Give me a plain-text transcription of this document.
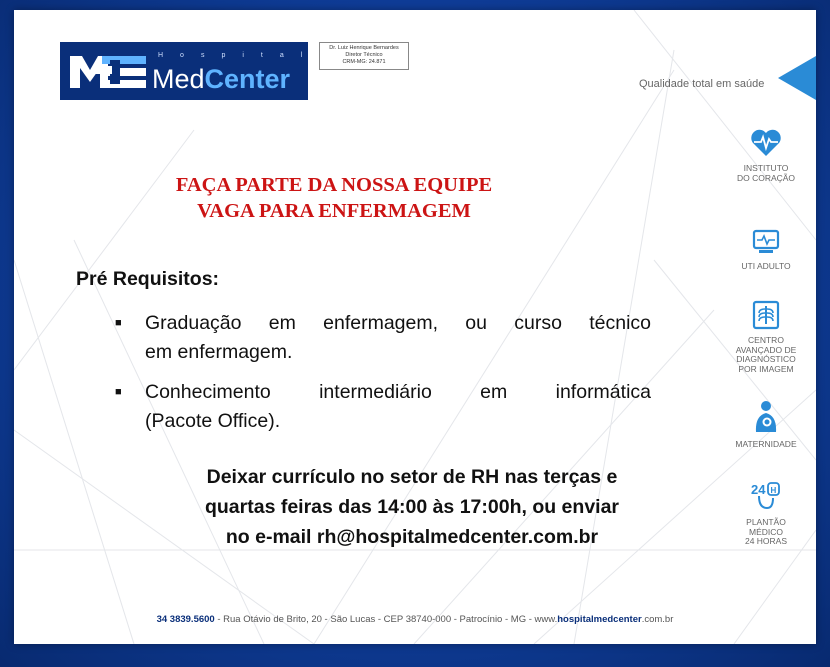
Hospital
MedCenter
Dr. Luiz Henrique Bernardes
Diretor Técnico
CRM-MG: 24.871
Qualidade total em saúde
FAÇA PARTE DA NOSSA EQUIPE
VAGA PARA ENFERMAGEM
Pré Requisitos:
■ Graduação em enfermagem, ou curso técnico
em enfermagem.
■ Conhecimento intermediário em informática
(Pacote Office).
Deixar currículo no setor de RH nas terças e
quartas feiras das 14:00 às 17:00h, ou enviar
no e-mail rh@hospitalmedcenter.com.br
INSTITUTO
DO CORAÇÃO
UTI ADULTO
CENTRO
AVANÇADO DE
DIAGNÓSTICO
POR IMAGEM
MATERNIDADE
24 H
PLANTÃO
MÉDICO
24 HORAS
34 3839.5600 - Rua Otávio de Brito, 20 - São Lucas - CEP 38740-000 - Patrocínio - MG - www.hospitalmedcenter.com.br
